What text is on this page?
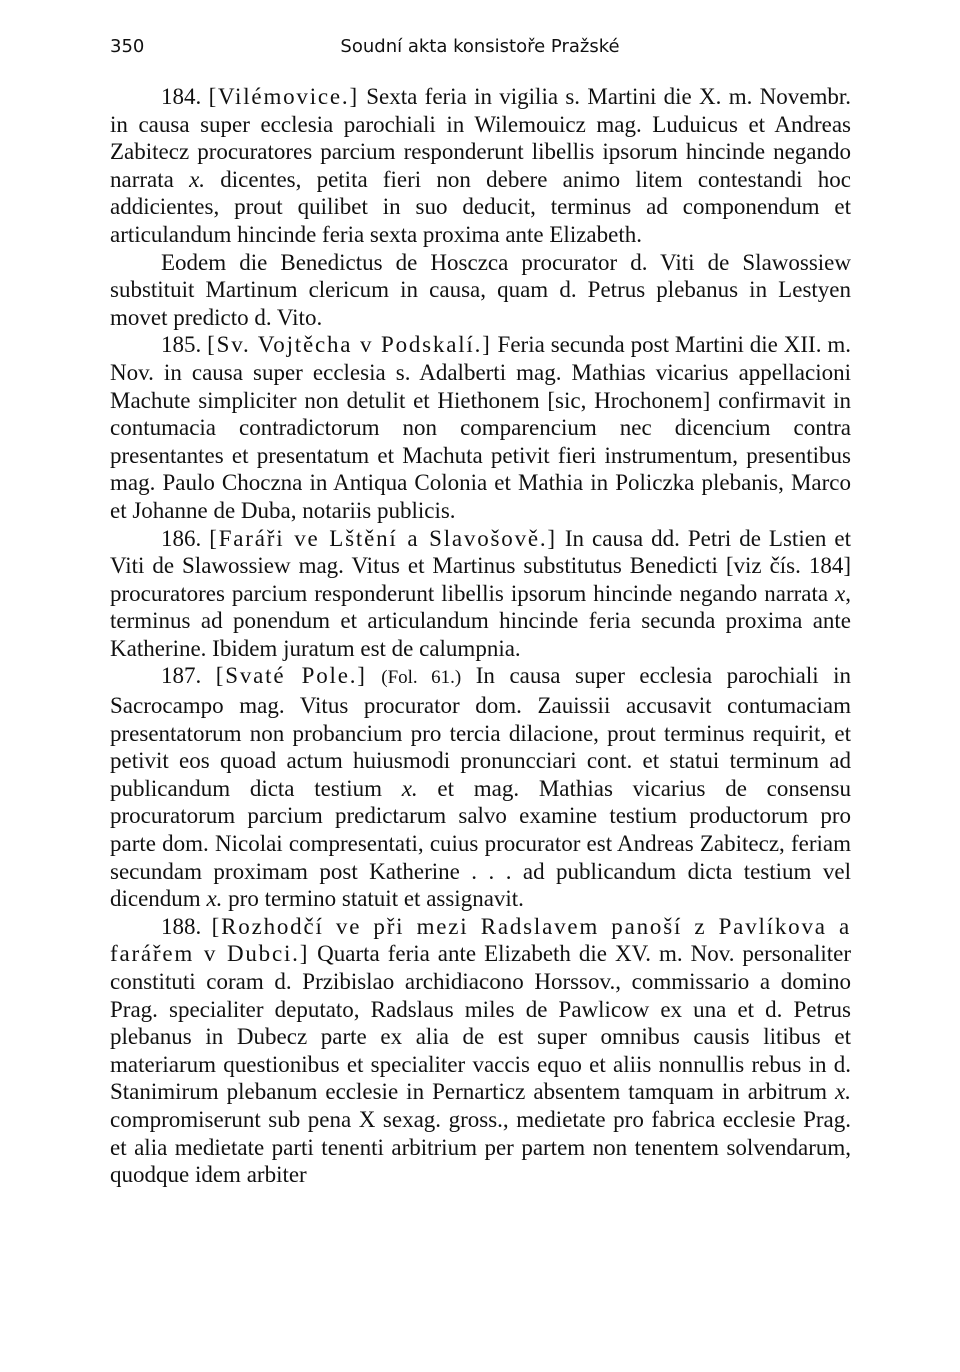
350	Soudní akta konsistoře Pražské

184. [Vilémovice.] Sexta feria in vigilia s. Martini die X. m. Novembr. in causa super ecclesia parochiali in Wilemouicz mag. Luduicus et Andreas Zabitecz procuratores parcium responderunt libellis ipsorum hincinde negando narrata x. dicentes, petita fieri non debere animo litem contestandi hoc addicientes, prout quilibet in suo deducit, terminus ad componendum et articulandum hincinde feria sexta proxima ante Elizabeth.

Eodem die Benedictus de Hosczca procurator d. Viti de Slawossiew substituit Martinum clericum in causa, quam d. Petrus plebanus in Lestyen movet predicto d. Vito.

185. [Sv. Vojtěcha v Podskalí.] Feria secunda post Martini die XII. m. Nov. in causa super ecclesia s. Adalberti mag. Mathias vicarius appellacioni Machute simpliciter non detulit et Hiethonem [sic, Hrochonem] confirmavit in contumacia contradictorum non comparencium nec dicencium contra presentantes et presentatum et Machuta petivit fieri instrumentum, presentibus mag. Paulo Choczna in Antiqua Colonia et Mathia in Policzka plebanis, Marco et Johanne de Duba, notariis publicis.

186. [Faráři ve Lštění a Slavošově.] In causa dd. Petri de Lstien et Viti de Slawossiew mag. Vitus et Martinus substitutus Benedicti [viz čís. 184] procuratores parcium responderunt libellis ipsorum hincinde negando narrata x, terminus ad ponendum et articulandum hincinde feria secunda proxima ante Katherine. Ibidem juratum est de calumpnia.

187. [Svaté Pole.] (Fol. 61.) In causa super ecclesia parochiali in Sacrocampo mag. Vitus procurator dom. Zauissii accusavit contumaciam presentatorum non probancium pro tercia dilacione, prout terminus requirit, et petivit eos quoad actum huiusmodi pronuncciari cont. et statui terminum ad publicandum dicta testium x. et mag. Mathias vicarius de consensu procuratorum parcium predictarum salvo examine testium productorum pro parte dom. Nicolai compresentati, cuius procurator est Andreas Zabitecz, feriam secundam proximam post Katherine . . . ad publicandum dicta testium vel dicendum x. pro termino statuit et assignavit.

188. [Rozhodčí ve při mezi Radslavem panoší z Pavlíkova a farářem v Dubci.] Quarta feria ante Elizabeth die XV. m. Nov. personaliter constituti coram d. Przibislao archidiacono Horssov., commissario a domino Prag. specialiter deputato, Radslaus miles de Pawlicow ex una et d. Petrus plebanus in Dubecz parte ex alia de est super omnibus causis litibus et materiarum questionibus et specialiter vaccis equo et aliis nonnullis rebus in d. Stanimirum plebanum ecclesie in Pernarticz absentem tamquam in arbitrum x. compromiserunt sub pena X sexag. gross., medietate pro fabrica ecclesie Prag. et alia medietate parti tenenti arbitrium per partem non tenentem solvendarum, quodque idem arbiter
